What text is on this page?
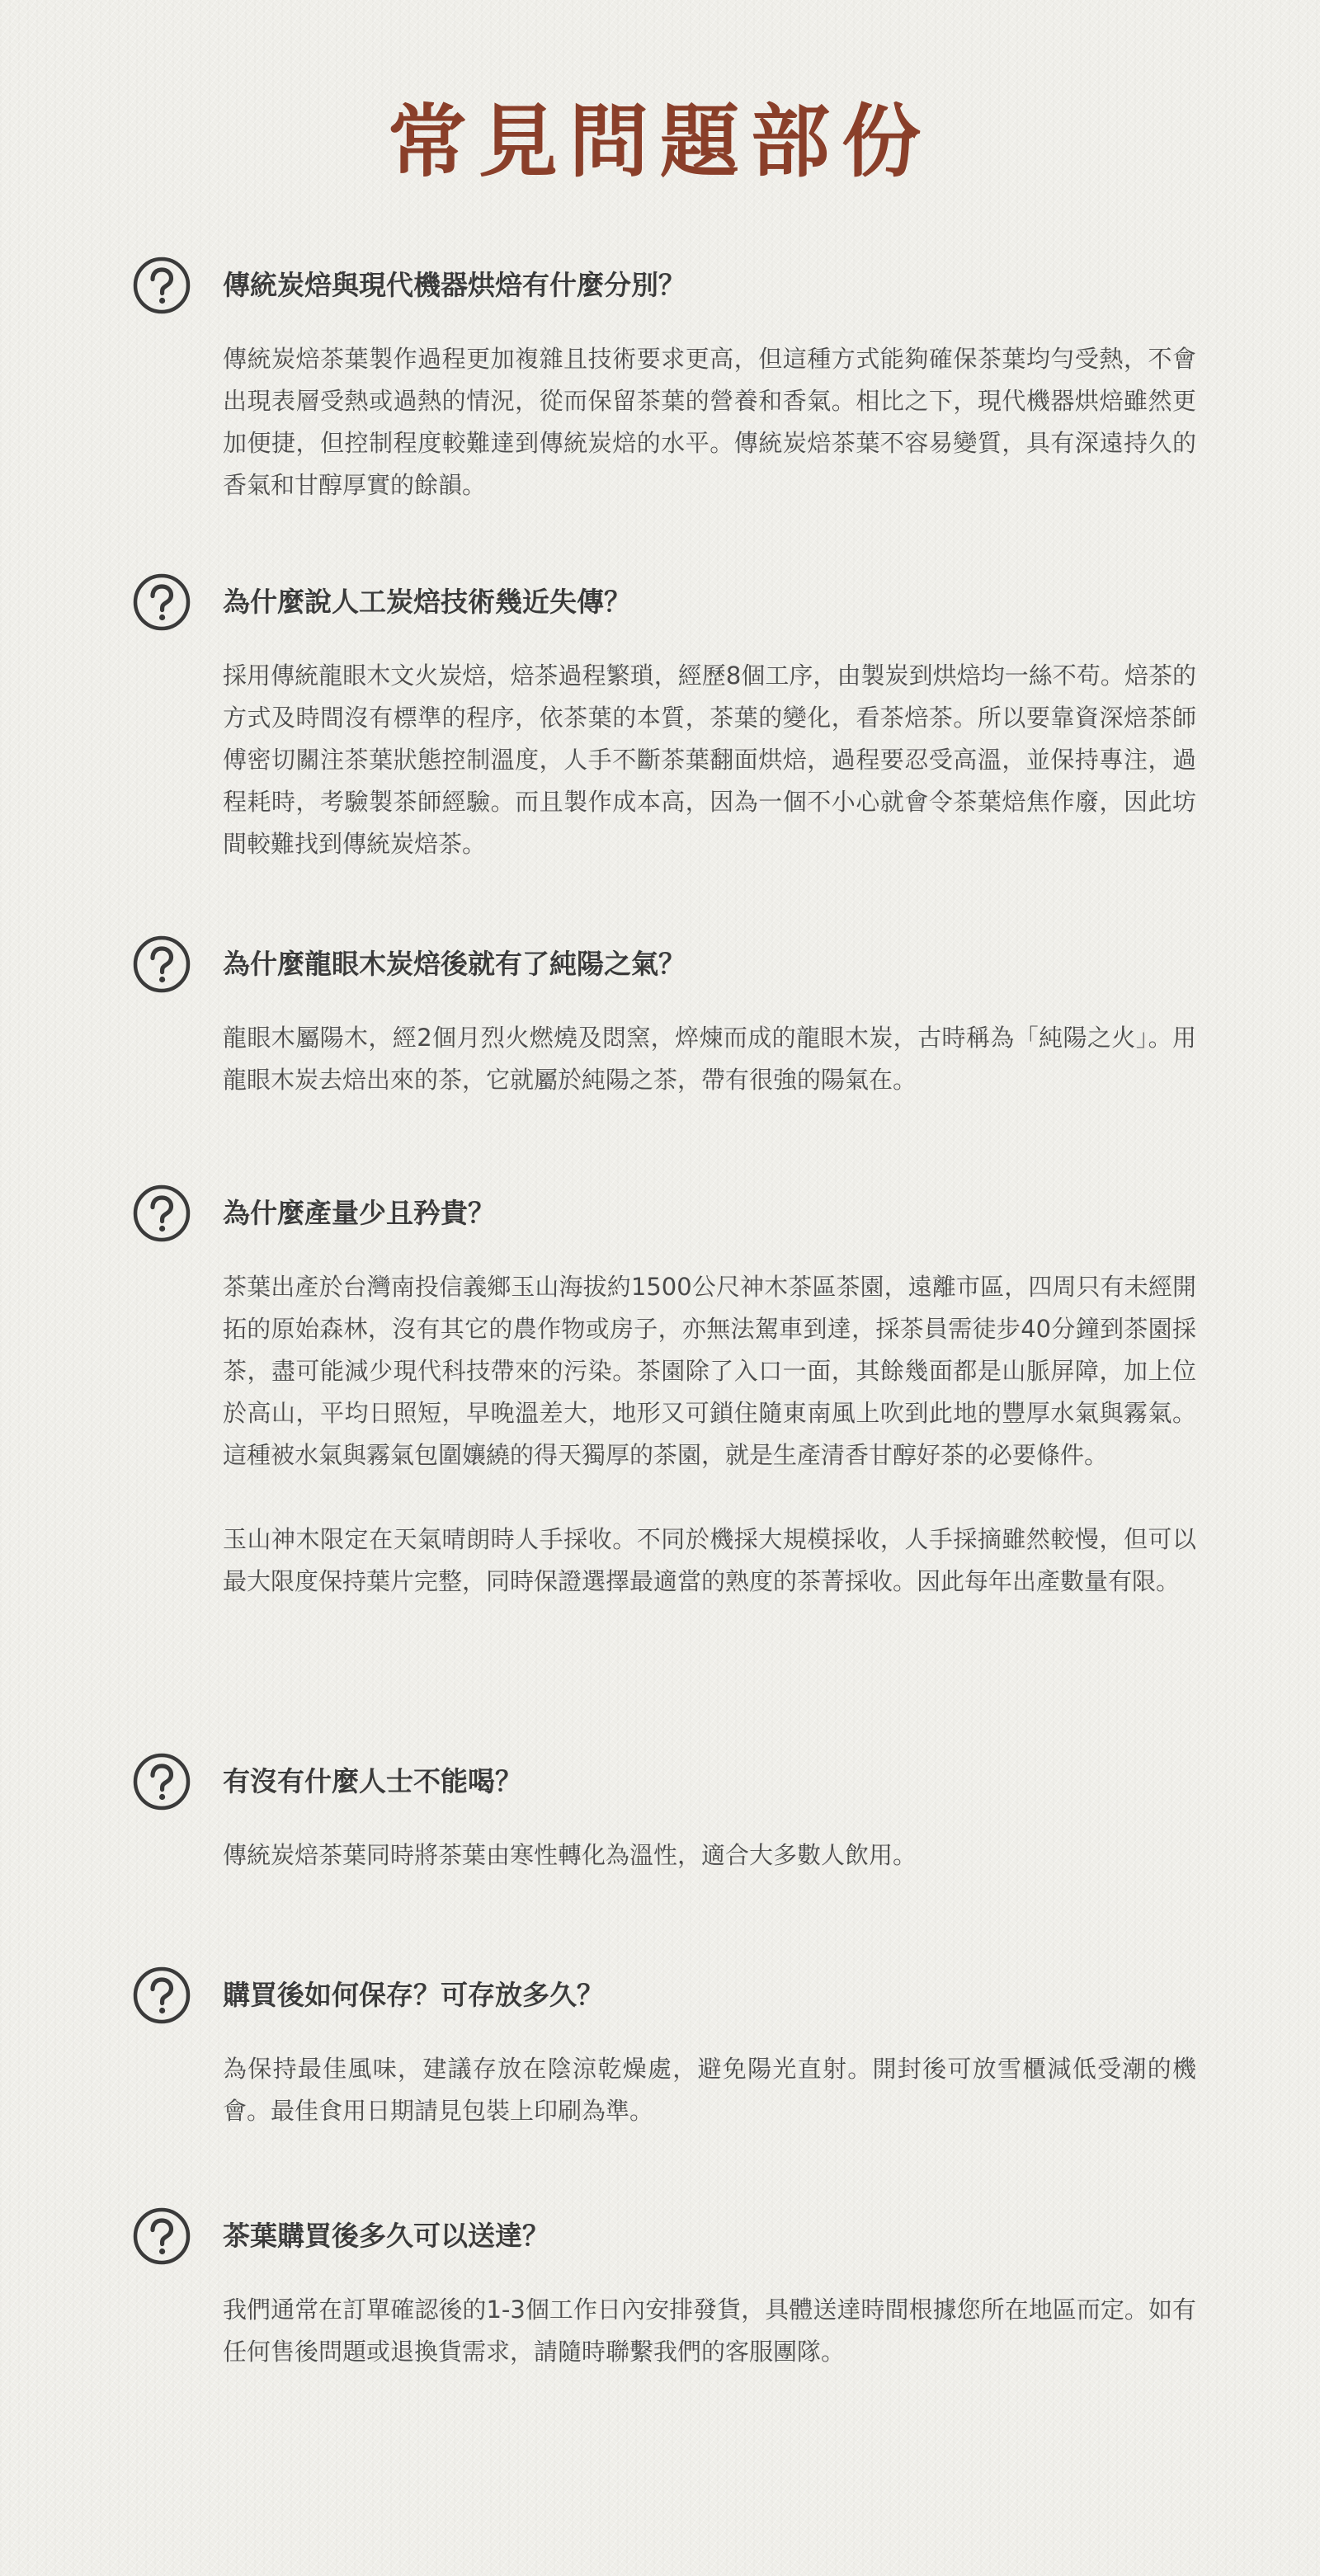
常見問題部份
傳統炭焙與現代機器烘焙有什麼分別？

傳統炭焙茶葉製作過程更加複雜且技術要求更高，但這種方式能夠確保茶葉均勻受熱，不會出現表層受熱或過熱的情況，從而保留茶葉的營養和香氣。相比之下，現代機器烘焙雖然更加便捷，但控制程度較難達到傳統炭焙的水平。傳統炭焙茶葉不容易變質，具有深遠持久的香氣和甘醇厚實的餘韻。

為什麼說人工炭焙技術幾近失傳？

採用傳統龍眼木文火炭焙，焙茶過程繁瑣，經歷8個工序，由製炭到烘焙均一絲不苟。焙茶的方式及時間沒有標準的程序，依茶葉的本質，茶葉的變化，看茶焙茶。所以要靠資深焙茶師傅密切關注茶葉狀態控制溫度，人手不斷茶葉翻面烘焙，過程要忍受高溫，並保持專注，過程耗時，考驗製茶師經驗。而且製作成本高，因為一個不小心就會令茶葉焙焦作廢，因此坊間較難找到傳統炭焙茶。

為什麼龍眼木炭焙後就有了純陽之氣？

龍眼木屬陽木，經2個月烈火燃燒及悶窯，焠煉而成的龍眼木炭，古時稱為「純陽之火」。用龍眼木炭去焙出來的茶，它就屬於純陽之茶，帶有很強的陽氣在。

為什麼產量少且矜貴？

茶葉出產於台灣南投信義鄉玉山海拔約1500公尺神木茶區茶園，遠離市區，四周只有未經開拓的原始森林，沒有其它的農作物或房子，亦無法駕車到達，採茶員需徒步40分鐘到茶園採茶，盡可能減少現代科技帶來的污染。茶園除了入口一面，其餘幾面都是山脈屏障，加上位於高山，平均日照短，早晚溫差大，地形又可鎖住隨東南風上吹到此地的豐厚水氣與霧氣。這種被水氣與霧氣包圍孃繞的得天獨厚的茶園，就是生產清香甘醇好茶的必要條件。

玉山神木限定在天氣晴朗時人手採收。不同於機採大規模採收，人手採摘雖然較慢，但可以最大限度保持葉片完整，同時保證選擇最適當的熟度的茶菁採收。因此每年出產數量有限。

有沒有什麼人士不能喝？

傳統炭焙茶葉同時將茶葉由寒性轉化為溫性，適合大多數人飲用。

購買後如何保存？可存放多久？

為保持最佳風味，建議存放在陰涼乾燥處，避免陽光直射。開封後可放雪櫃減低受潮的機會。最佳食用日期請見包裝上印刷為準。

茶葉購買後多久可以送達？

我們通常在訂單確認後的1-3個工作日內安排發貨，具體送達時間根據您所在地區而定。如有任何售後問題或退換貨需求，請隨時聯繫我們的客服團隊。
